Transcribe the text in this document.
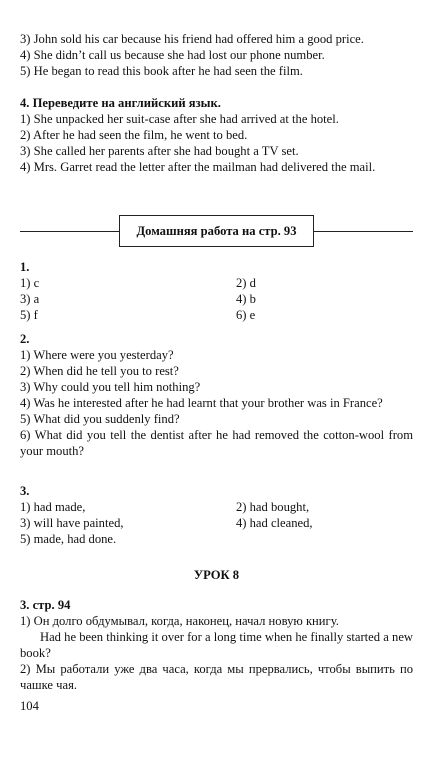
3) John sold his car because his friend had offered him a good price.
4) She didn’t call us because she had lost our phone number.
5) He began to read this book after he had seen the film.
4. Переведите на английский язык.
1) She unpacked her suit-case after she had arrived at the hotel.
2) After he had seen the film, he went to bed.
3) She called her parents after she had bought a TV set.
4) Mrs. Garret read the letter after the mailman had delivered the mail.
Домашняя работа на стр. 93
1.
1) c	2) d
3) a	4) b
5) f	6) e
2.
1) Where were you yesterday?
2) When did he tell you to rest?
3) Why could you tell him nothing?
4) Was he interested after he had learnt that your brother was in France?
5) What did you suddenly find?
6) What did you tell the dentist after he had removed the cotton-wool from your mouth?
3.
1) had made,	2) had bought,
3) will have painted,	4) had cleaned,
5) made, had done.
УРОК 8
3. стр. 94
1) Он долго обдумывал, когда, наконец, начал новую книгу.
Had he been thinking it over for a long time when he finally started a new book?
2) Мы работали уже два часа, когда мы прервались, чтобы выпить по чашке чая.
104
